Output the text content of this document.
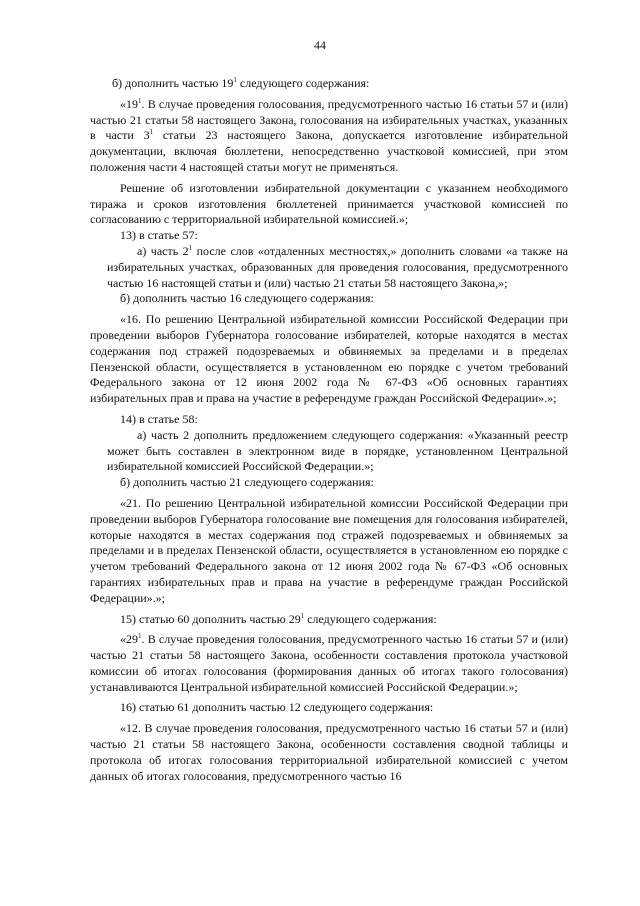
44

б) дополнить частью $19^1$ следующего содержания:

«$19^1$. В случае проведения голосования, предусмотренного частью 16 статьи 57 и (или) частью 21 статьи 58 настоящего Закона, голосования на избирательных участках, указанных в части $3^1$ статьи 23 настоящего Закона, допускается изготовление избирательной документации, включая бюллетени, непосредственно участковой комиссией, при этом положения части 4 настоящей статьи могут не применяться.

Решение об изготовлении избирательной документации с указанием необходимого тиража и сроков изготовления бюллетеней принимается участковой комиссией по согласованию с территориальной избирательной комиссией.»;

13) в статье 57:

а) часть $2^1$ после слов «отдаленных местностях,» дополнить словами «а также на избирательных участках, образованных для проведения голосования, предусмотренного частью 16 настоящей статьи и (или) частью 21 статьи 58 настоящего Закона,»;

б) дополнить частью 16 следующего содержания:

«16. По решению Центральной избирательной комиссии Российской Федерации при проведении выборов Губернатора голосование избирателей, которые находятся в местах содержания под стражей подозреваемых и обвиняемых за пределами и в пределах Пензенской области, осуществляется в установленном ею порядке с учетом требований Федерального закона от 12 июня 2002 года № 67-ФЗ «Об основных гарантиях избирательных прав и права на участие в референдуме граждан Российской Федерации».»;

14) в статье 58:

а) часть 2 дополнить предложением следующего содержания: «Указанный реестр может быть составлен в электронном виде в порядке, установленном Центральной избирательной комиссией Российской Федерации.»;

б) дополнить частью 21 следующего содержания:

«21. По решению Центральной избирательной комиссии Российской Федерации при проведении выборов Губернатора голосование вне помещения для голосования избирателей, которые находятся в местах содержания под стражей подозреваемых и обвиняемых за пределами и в пределах Пензенской области, осуществляется в установленном ею порядке с учетом требований Федерального закона от 12 июня 2002 года № 67-ФЗ «Об основных гарантиях избирательных прав и права на участие в референдуме граждан Российской Федерации».»;

15) статью 60 дополнить частью $29^1$ следующего содержания:

«$29^1$. В случае проведения голосования, предусмотренного частью 16 статьи 57 и (или) частью 21 статьи 58 настоящего Закона, особенности составления протокола участковой комиссии об итогах голосования (формирования данных об итогах такого голосования) устанавливаются Центральной избирательной комиссией Российской Федерации.»;

16) статью 61 дополнить частью 12 следующего содержания:

«12. В случае проведения голосования, предусмотренного частью 16 статьи 57 и (или) частью 21 статьи 58 настоящего Закона, особенности составления сводной таблицы и протокола об итогах голосования территориальной избирательной комиссией с учетом данных об итогах голосования, предусмотренного частью 16
